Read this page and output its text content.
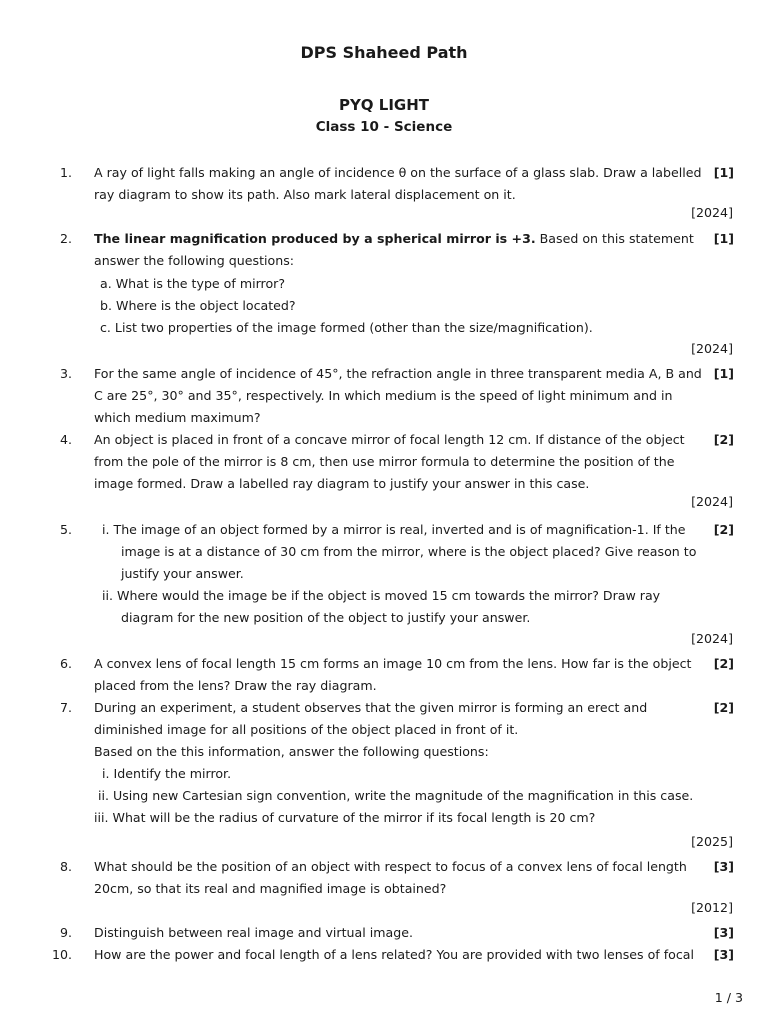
DPS Shaheed Path
PYQ LIGHT
Class 10 - Science
1. A ray of light falls making an angle of incidence θ on the surface of a glass slab. Draw a labelled ray diagram to show its path. Also mark lateral displacement on it.
[1]
[2024]
2. The linear magnification produced by a spherical mirror is +3. Based on this statement answer the following questions:
a. What is the type of mirror?
b. Where is the object located?
c. List two properties of the image formed (other than the size/magnification).
[1]
[2024]
3. For the same angle of incidence of 45°, the refraction angle in three transparent media A, B and C are 25°, 30° and 35°, respectively. In which medium is the speed of light minimum and in which medium maximum?
[1]
4. An object is placed in front of a concave mirror of focal length 12 cm. If distance of the object from the pole of the mirror is 8 cm, then use mirror formula to determine the position of the image formed. Draw a labelled ray diagram to justify your answer in this case.
[2]
[2024]
5. i. The image of an object formed by a mirror is real, inverted and is of magnification-1. If the image is at a distance of 30 cm from the mirror, where is the object placed? Give reason to justify your answer.
ii. Where would the image be if the object is moved 15 cm towards the mirror? Draw ray diagram for the new position of the object to justify your answer.
[2]
[2024]
6. A convex lens of focal length 15 cm forms an image 10 cm from the lens. How far is the object placed from the lens? Draw the ray diagram.
[2]
7. During an experiment, a student observes that the given mirror is forming an erect and diminished image for all positions of the object placed in front of it.
Based on the this information, answer the following questions:
i. Identify the mirror.
ii. Using new Cartesian sign convention, write the magnitude of the magnification in this case.
iii. What will be the radius of curvature of the mirror if its focal length is 20 cm?
[2]
[2025]
8. What should be the position of an object with respect to focus of a convex lens of focal length 20cm, so that its real and magnified image is obtained?
[3]
[2012]
9. Distinguish between real image and virtual image.	[3]
10. How are the power and focal length of a lens related? You are provided with two lenses of focal	[3]
1 / 3
